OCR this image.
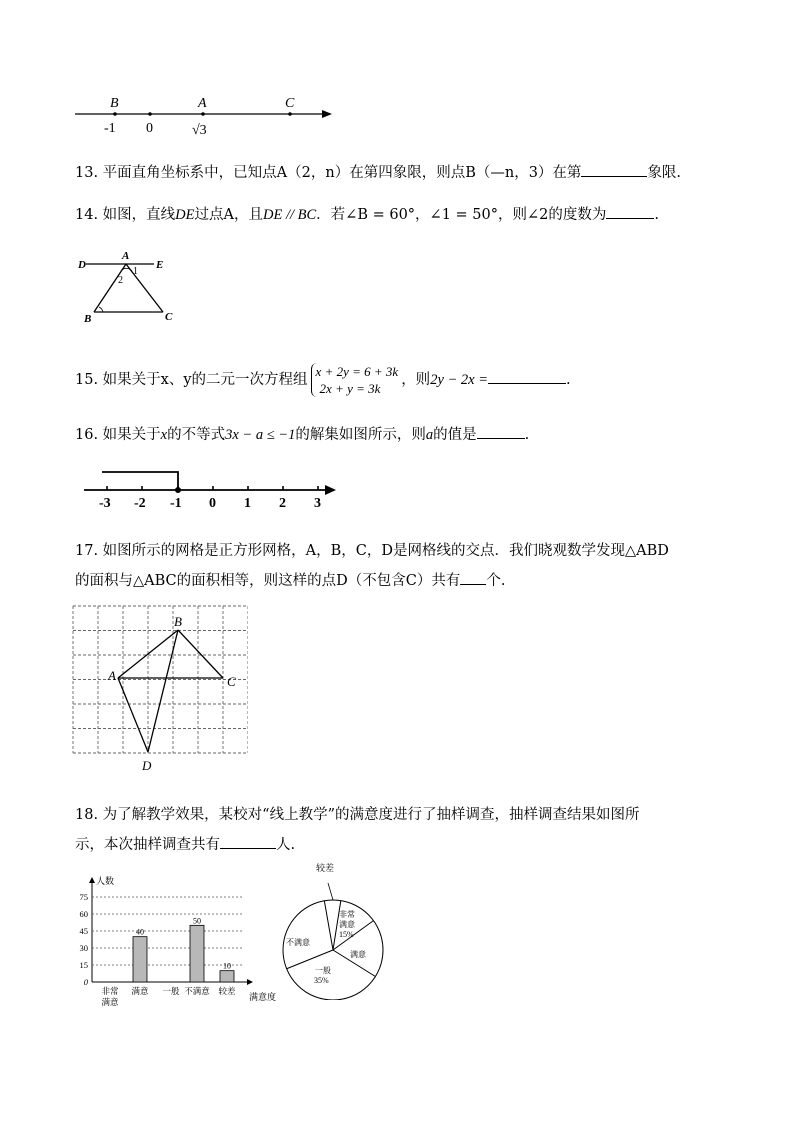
B	A	C
-1 0	√3
13. 平面直角坐标系中，已知点A（2，n）在第四象限，则点B（—n，3）在第	象限.
14. 如图，直线DE过点A，且DE // BC．若∠B = 60°，∠1 = 50°，则∠2的度数为	.
D
A
E
B	C
1
2
15. 如果关于x、y的二元一次方程组x + 2y = 6 + 3k
2x + y = 3k，则2y − 2x =	.
16. 如果关于x的不等式3x − a ≤ −1的解集如图所示，则a的值是	.
-3 -2 -1 0 1 2 3
17. 如图所示的网格是正方形网格，A，B，C，D是网格线的交点．我们晓观数学发现△ABD
的面积与△ABC的面积相等，则这样的点D（不包含C）共有 个.
A
B
C
D
18. 为了解教学效果，某校对“线上教学”的满意度进行了抽样调查，抽样调查结果如图所
示，本次抽样调查共有	人.
0
15
30
45
60
75
人数
满意度
非常
满意
满意
40
一般 不满意
50
较差
10
较差
非常
满意
15%
满意
一般
35%
不满意
